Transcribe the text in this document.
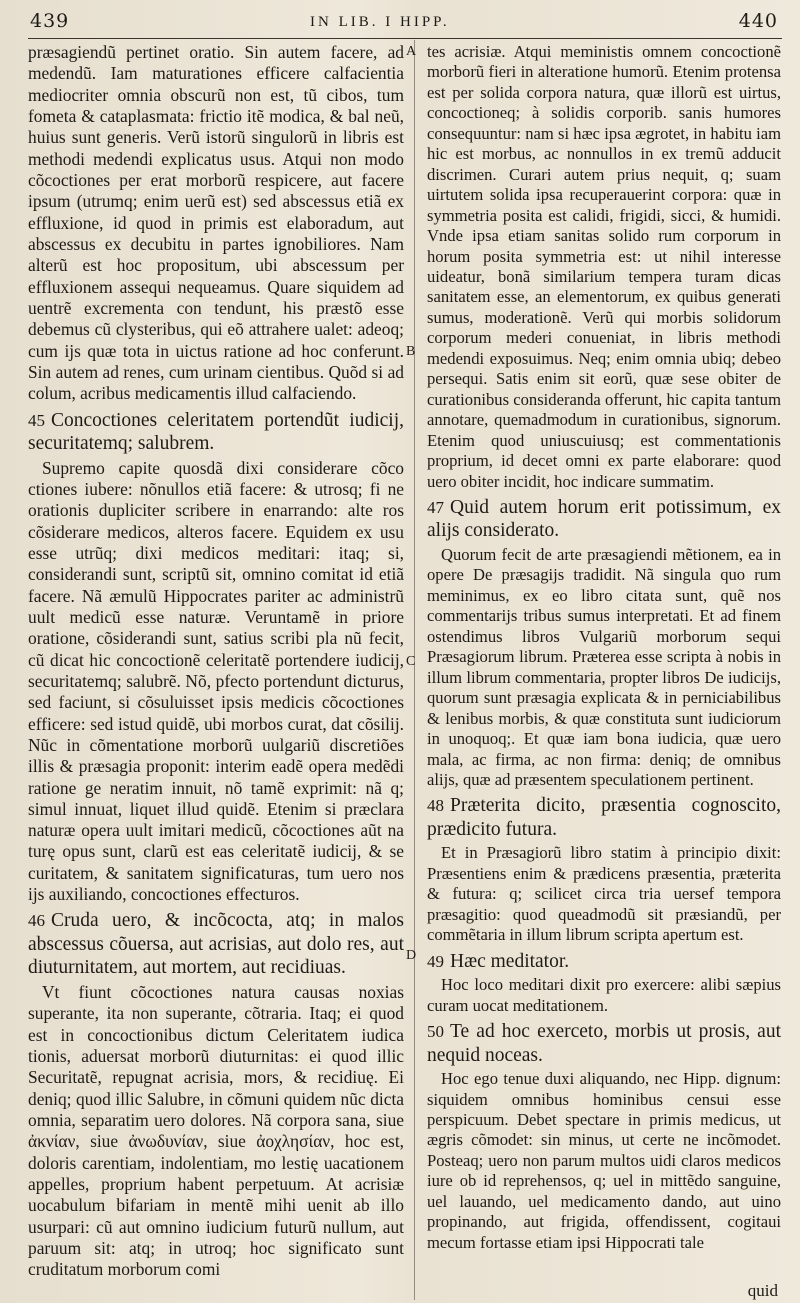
439	IN LIB. I HIPP.	440

præsagiendũ pertinet oratio. Sin autem facere, ad medendũ. Iam maturationes efficere calfacientia mediocriter omnia obscurũ non est, tũ cibos, tum fometa & cataplasmata: frictio itẽ modica, & bal neũ, huius sunt generis. Verũ istorũ singulorũ in libris est methodi medendi explicatus usus. Atqui non modo cõcoctiones per erat morborũ respicere, aut facere ipsum (utrumq; enim uerũ est) sed abscessus etiã ex effluxione, id quod in primis est elaboradum, aut abscessus ex decubitu in partes ignobiliores. Nam alterũ est hoc propositum, ubi abscessum per effluxionem assequi nequeamus. Quare siquidem ad uentrẽ excrementa con tendunt, his præstõ esse debemus cũ clysteribus, qui eõ attrahere ualet: adeoq; cum ijs quæ tota in uictus ratione ad hoc conferunt. Sin autem ad renes, cum urinam cientibus. Quõd si ad colum, acribus medicamentis illud calfaciendo.

45 Concoctiones celeritatem portendũt iudicij, securitatemq; salubrem.

Supremo capite quosdã dixi considerare cõco ctiones iubere: nõnullos etiã facere: & utrosq; fi ne orationis dupliciter scribere in enarrando: alte ros cõsiderare medicos, alteros facere. Equidem ex usu esse utrũq; dixi medicos meditari: itaq; si, considerandi sunt, scriptũ sit, omnino comitat id etiã facere. Nã æmulũ Hippocrates pariter ac administrũ uult medicũ esse naturæ. Veruntamẽ in priore oratione, cõsiderandi sunt, satius scribi pla nũ fecit, cũ dicat hic concoctionẽ celeritatẽ portendere iudicij, securitatemq; salubrẽ. Nõ, pfecto portendunt dicturus, sed faciunt, si cõsuluisset ipsis medicis cõcoctiones efficere: sed istud quidẽ, ubi morbos curat, dat cõsilij. Nũc in cõmentatione morborũ uulgariũ discretiões illis & præsagia proponit: interim eadẽ opera medẽdi ratione ge neratim innuit, nõ tamẽ exprimit: nã q; simul innuat, liquet illud quidẽ. Etenim si præclara naturæ opera uult imitari medicũ, cõcoctiones aũt na turę opus sunt, clarũ est eas celeritatẽ iudicij, & se curitatem, & sanitatem significaturas, tum uero nos ijs auxiliando, concoctiones effecturos.

46 Cruda uero, & incõcocta, atq; in malos abscessus cõuersa, aut acrisias, aut dolo res, aut diuturnitatem, aut mortem, aut recidiuas.

Vt fiunt cõcoctiones natura causas noxias superante, ita non superante, cõtraria. Itaq; ei quod est in concoctionibus dictum Celeritatem iudica tionis, aduersat morborũ diuturnitas: ei quod illic Securitatẽ, repugnat acrisia, mors, & recidiuę. Ei deniq; quod illic Salubre, in cõmuni quidem nũc dicta omnia, separatim uero dolores. Nã corpora sana, siue ἀκνίαν, siue ἀνωδυνίαν, siue ἀοχλησίαν, hoc est, doloris carentiam, indolentiam, mo lestię uacationem appelles, proprium habent perpetuum. At acrisiæ uocabulum bifariam in mentẽ mihi uenit ab illo usurpari: cũ aut omnino iudicium futurũ nullum, aut paruum sit: atq; in utroq; hoc significato sunt cruditatum morborum comi

tes acrisiæ. Atqui meministis omnem concoctionẽ morborũ fieri in alteratione humorũ. Etenim protensa est per solida corpora natura, quæ illorũ est uirtus, concoctioneq; à solidis corporib. sanis humores consequuntur: nam si hæc ipsa ægrotet, in habitu iam hic est morbus, ac nonnullos in ex tremũ adducit discrimen. Curari autem prius nequit, q; suam uirtutem solida ipsa recuperauerint corpora: quæ in symmetria posita est calidi, frigidi, sicci, & humidi. Vnde ipsa etiam sanitas solido rum corporum in horum posita symmetria est: ut nihil interesse uideatur, bonã similarium tempera turam dicas sanitatem esse, an elementorum, ex quibus generati sumus, moderationẽ. Verũ qui morbis solidorum corporum mederi conueniat, in libris methodi medendi exposuimus. Neq; enim omnia ubiq; debeo persequi. Satis enim sit eorũ, quæ sese obiter de curationibus consideranda offerunt, hic capita tantum annotare, quemadmodum in curationibus, signorum. Etenim quod uniuscuiusq; est commentationis proprium, id decet omni ex parte elaborare: quod uero obiter incidit, hoc indicare summatim.

47 Quid autem horum erit potissimum, ex alijs considerato.

Quorum fecit de arte præsagiendi mẽtionem, ea in opere De præsagijs tradidit. Nã singula quo rum meminimus, ex eo libro citata sunt, quẽ nos commentarijs tribus sumus interpretati. Et ad finem ostendimus libros Vulgariũ morborum sequi Præsagiorum librum. Præterea esse scripta à nobis in illum librum commentaria, propter libros De iudicijs, quorum sunt præsagia explicata & in perniciabilibus & lenibus morbis, & quæ constituta sunt iudiciorum in unoquoq;. Et quæ iam bona iudicia, quæ uero mala, ac firma, ac non firma: deniq; de omnibus alijs, quæ ad præsentem speculationem pertinent.

48 Præterita dicito, præsentia cognoscito, prædicito futura.

Et in Præsagiorũ libro statim à principio dixit: Præsentiens enim & prædicens præsentia, præterita & futura: q; scilicet circa tria uersef tempora præsagitio: quod queadmodũ sit præsiandũ, per commẽtaria in illum librum scripta apertum est.

49 Hæc meditator.

Hoc loco meditari dixit pro exercere: alibi sæpius curam uocat meditationem.

50 Te ad hoc exerceto, morbis ut prosis, aut nequid noceas.

Hoc ego tenue duxi aliquando, nec Hipp. dignum: siquidem omnibus hominibus censui esse perspicuum. Debet spectare in primis medicus, ut ægris cõmodet: sin minus, ut certe ne incõmodet. Posteaq; uero non parum multos uidi claros medicos iure ob id reprehensos, q; uel in mittẽdo sanguine, uel lauando, uel medicamento dando, aut uino propinando, aut frigida, offendissent, cogitaui mecum fortasse etiam ipsi Hippocrati tale

A
B
C
D
quid
